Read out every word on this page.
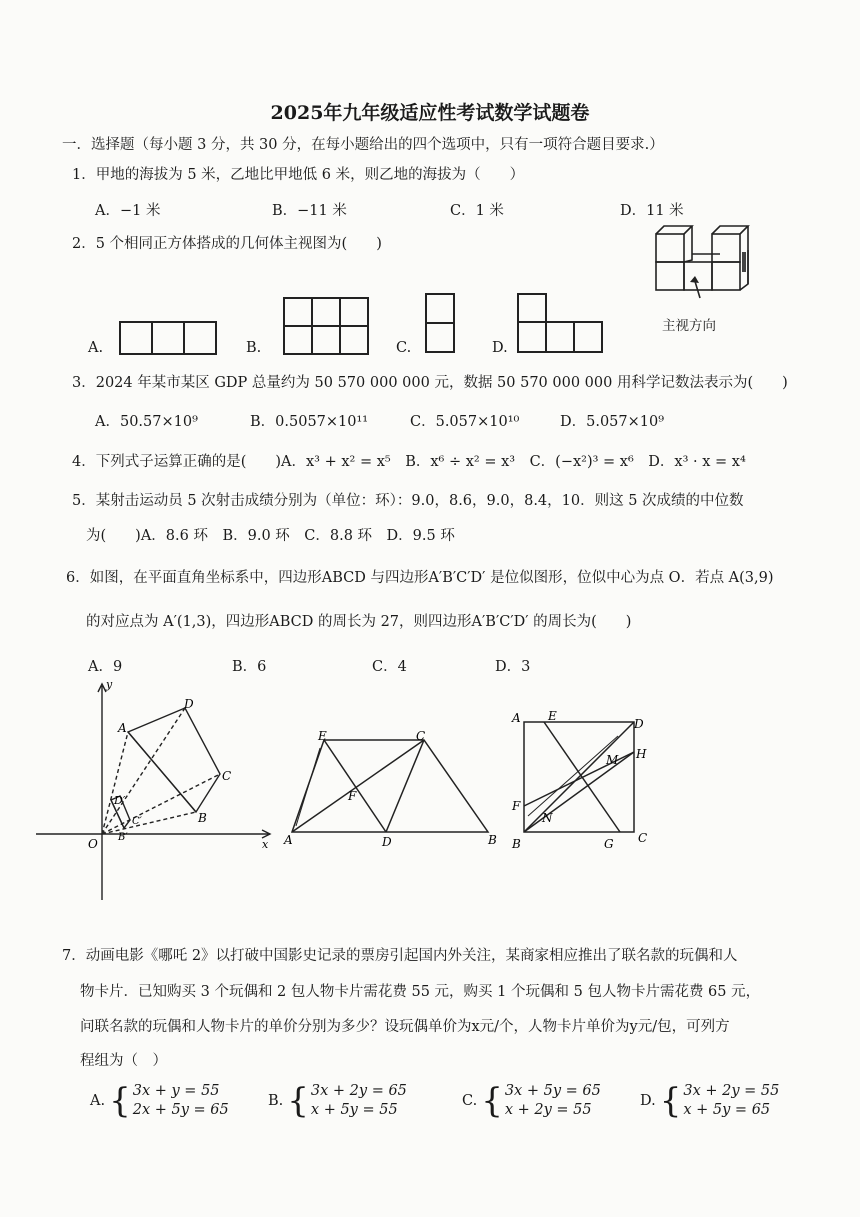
2025年九年级适应性考试数学试题卷
一．选择题（每小题 3 分，共 30 分，在每小题给出的四个选项中，只有一项符合题目要求.）
1．甲地的海拔为 5 米，乙地比甲地低 6 米，则乙地的海拔为（　　）
A．−1 米	B．−11 米	C．1 米	D．11 米
2．5 个相同正方体搭成的几何体主视图为(　　)
A.	B.	C.	D.
主视方向
3．2024 年某市某区 GDP 总量约为 50 570 000 000 元，数据 50 570 000 000 用科学记数法表示为(　　)
A．50.57×10⁹	B．0.5057×10¹¹	C．5.057×10¹⁰	D．5.057×10⁹
4．下列式子运算正确的是(　　)A．x³ + x² = x⁵　B．x⁶ ÷ x² = x³　C．(−x²)³ = x⁶　D．x³ · x = x⁴
5．某射击运动员 5 次射击成绩分别为（单位：环）：9.0，8.6，9.0，8.4，10．则这 5 次成绩的中位数
为(　　)A．8.6 环　B．9.0 环　C．8.8 环　D．9.5 环
6．如图，在平面直角坐标系中，四边形ABCD 与四边形A′B′C′D′ 是位似图形，位似中心为点 O．若点 A(3,9)
的对应点为 A′(1,3)，四边形ABCD 的周长为 27，则四边形A′B′C′D′ 的周长为(　　)
A．9	B．6	C．4	D．3
y
x
O
A
D
C
B
D′
C′
B′	A	B
C
D
E
F
A
B	C
D
E
F
G
H
M
N
7．动画电影《哪吒 2》以打破中国影史记录的票房引起国内外关注，某商家相应推出了联名款的玩偶和人
物卡片．已知购买 3 个玩偶和 2 包人物卡片需花费 55 元，购买 1 个玩偶和 5 包人物卡片需花费 65 元，
问联名款的玩偶和人物卡片的单价分别为多少？设玩偶单价为x元/个，人物卡片单价为y元/包，可列方
程组为（　）
A. { 3x + y = 55
2x + 5y = 65
B. { 3x + 2y = 65
x + 5y = 55
C. { 3x + 5y = 65
x + 2y = 55
D. { 3x + 2y = 55
x + 5y = 65
